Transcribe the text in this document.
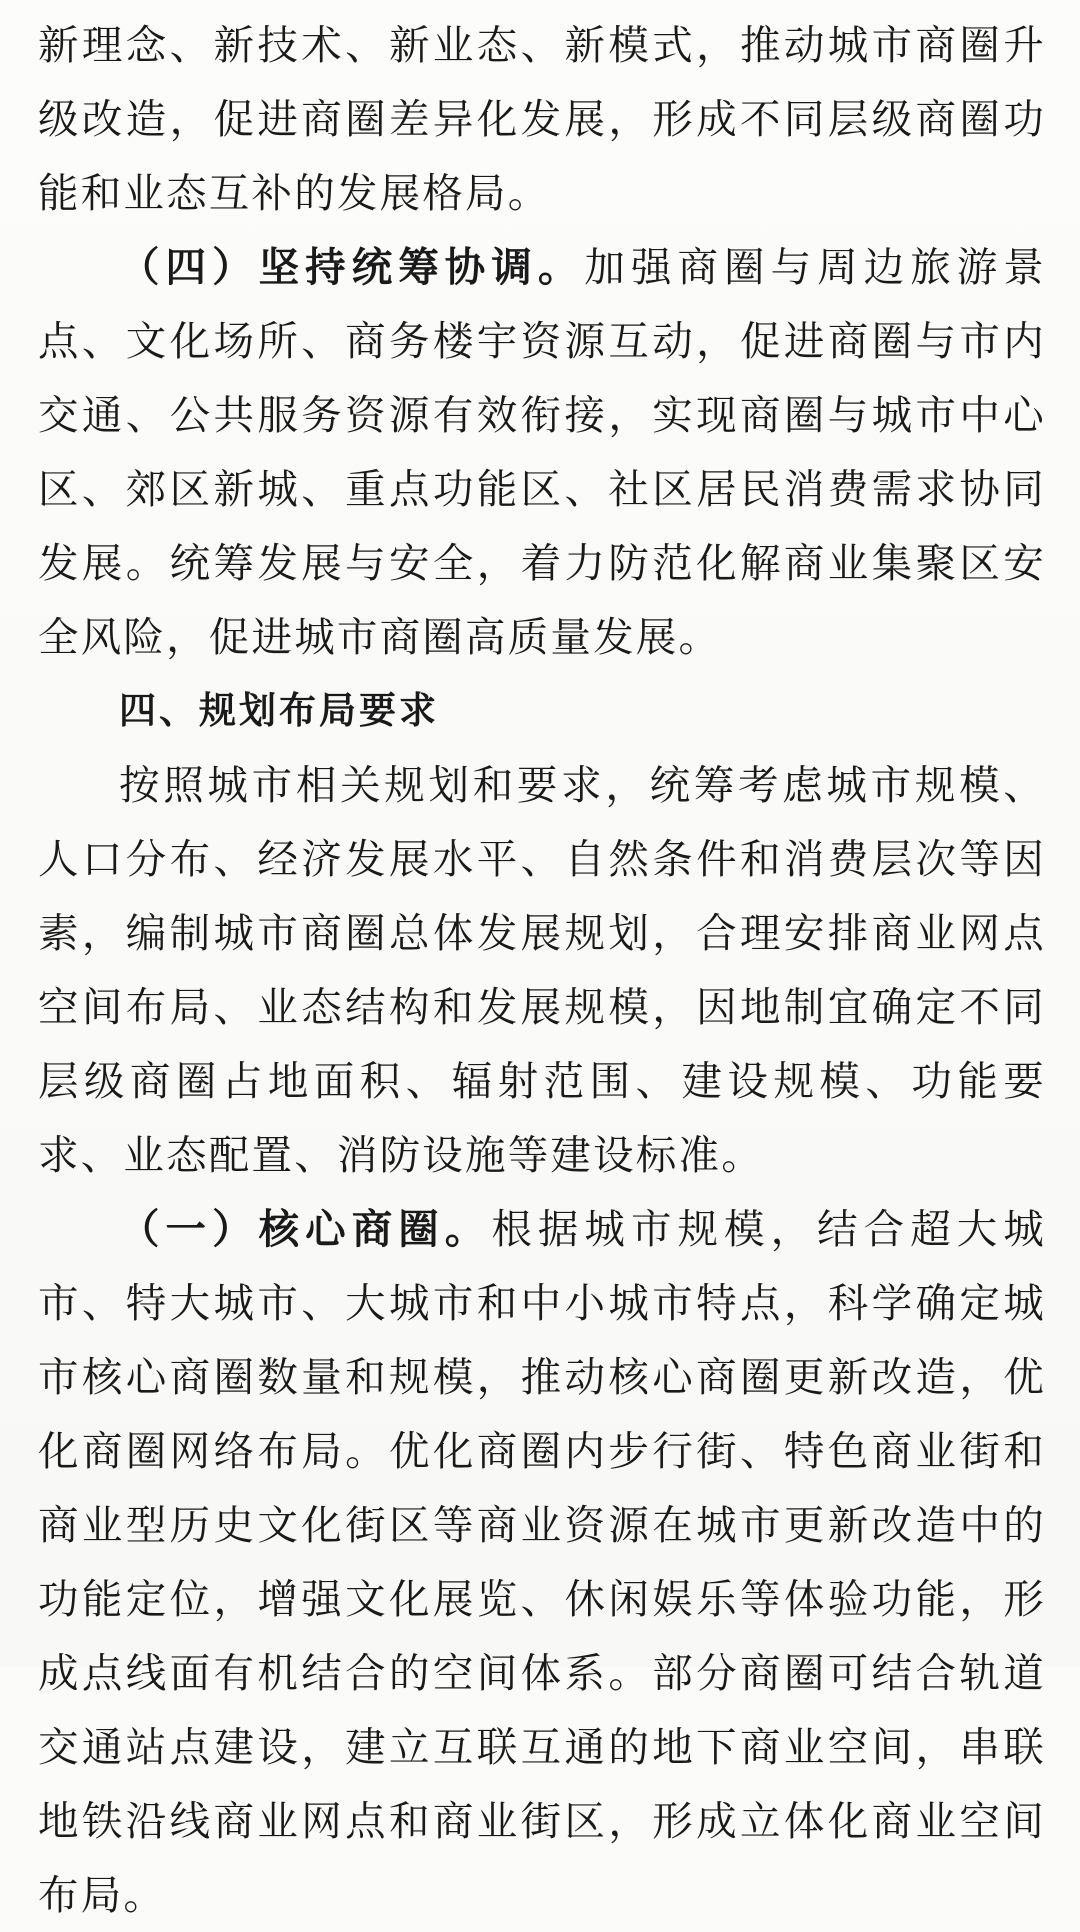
新理念、新技术、新业态、新模式，推动城市商圈升级改造，促进商圈差异化发展，形成不同层级商圈功能和业态互补的发展格局。

（四）坚持统筹协调。加强商圈与周边旅游景点、文化场所、商务楼宇资源互动，促进商圈与市内交通、公共服务资源有效衔接，实现商圈与城市中心区、郊区新城、重点功能区、社区居民消费需求协同发展。统筹发展与安全，着力防范化解商业集聚区安全风险，促进城市商圈高质量发展。

四、规划布局要求

按照城市相关规划和要求，统筹考虑城市规模、人口分布、经济发展水平、自然条件和消费层次等因素，编制城市商圈总体发展规划，合理安排商业网点空间布局、业态结构和发展规模，因地制宜确定不同层级商圈占地面积、辐射范围、建设规模、功能要求、业态配置、消防设施等建设标准。

（一）核心商圈。根据城市规模，结合超大城市、特大城市、大城市和中小城市特点，科学确定城市核心商圈数量和规模，推动核心商圈更新改造，优化商圈网络布局。优化商圈内步行街、特色商业街和商业型历史文化街区等商业资源在城市更新改造中的功能定位，增强文化展览、休闲娱乐等体验功能，形成点线面有机结合的空间体系。部分商圈可结合轨道交通站点建设，建立互联互通的地下商业空间，串联地铁沿线商业网点和商业街区，形成立体化商业空间布局。
